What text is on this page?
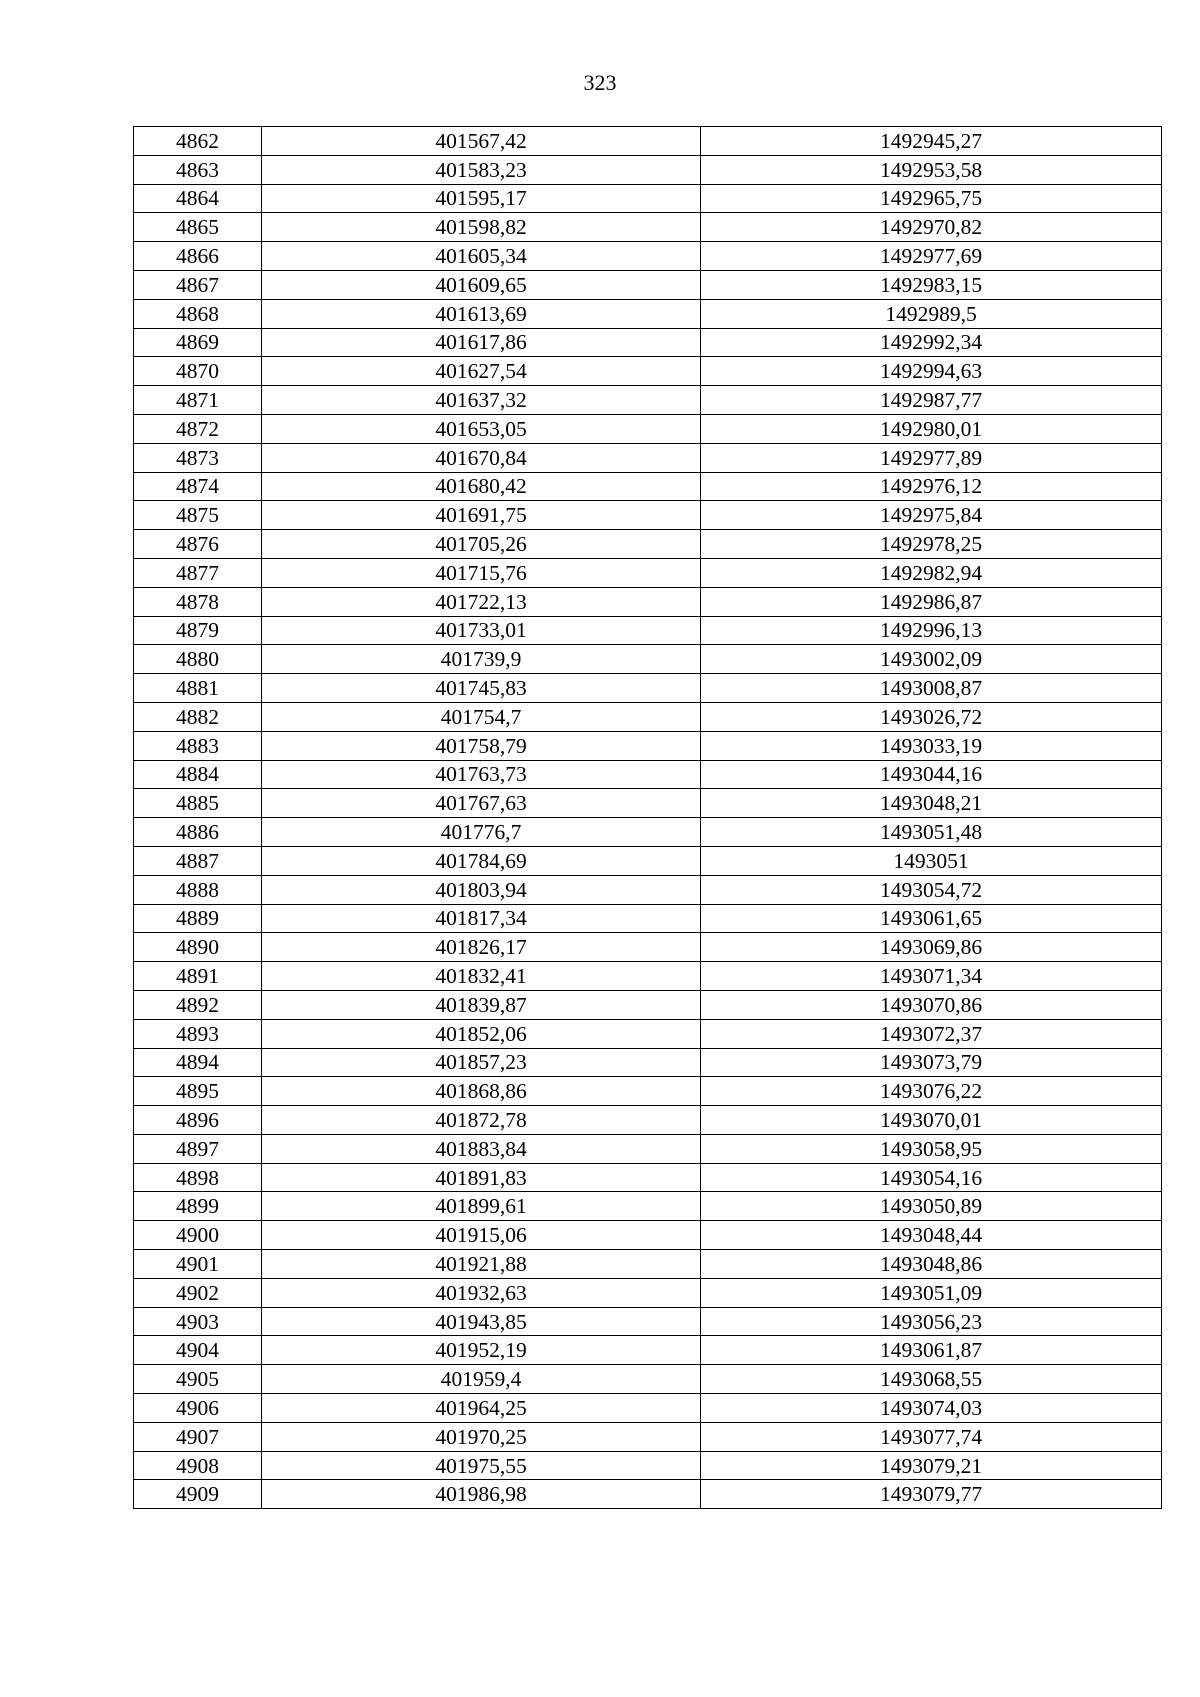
323
4862	401567,42	1492945,27
4863	401583,23	1492953,58
4864	401595,17	1492965,75
4865	401598,82	1492970,82
4866	401605,34	1492977,69
4867	401609,65	1492983,15
4868	401613,69	1492989,5
4869	401617,86	1492992,34
4870	401627,54	1492994,63
4871	401637,32	1492987,77
4872	401653,05	1492980,01
4873	401670,84	1492977,89
4874	401680,42	1492976,12
4875	401691,75	1492975,84
4876	401705,26	1492978,25
4877	401715,76	1492982,94
4878	401722,13	1492986,87
4879	401733,01	1492996,13
4880	401739,9	1493002,09
4881	401745,83	1493008,87
4882	401754,7	1493026,72
4883	401758,79	1493033,19
4884	401763,73	1493044,16
4885	401767,63	1493048,21
4886	401776,7	1493051,48
4887	401784,69	1493051
4888	401803,94	1493054,72
4889	401817,34	1493061,65
4890	401826,17	1493069,86
4891	401832,41	1493071,34
4892	401839,87	1493070,86
4893	401852,06	1493072,37
4894	401857,23	1493073,79
4895	401868,86	1493076,22
4896	401872,78	1493070,01
4897	401883,84	1493058,95
4898	401891,83	1493054,16
4899	401899,61	1493050,89
4900	401915,06	1493048,44
4901	401921,88	1493048,86
4902	401932,63	1493051,09
4903	401943,85	1493056,23
4904	401952,19	1493061,87
4905	401959,4	1493068,55
4906	401964,25	1493074,03
4907	401970,25	1493077,74
4908	401975,55	1493079,21
4909	401986,98	1493079,77
